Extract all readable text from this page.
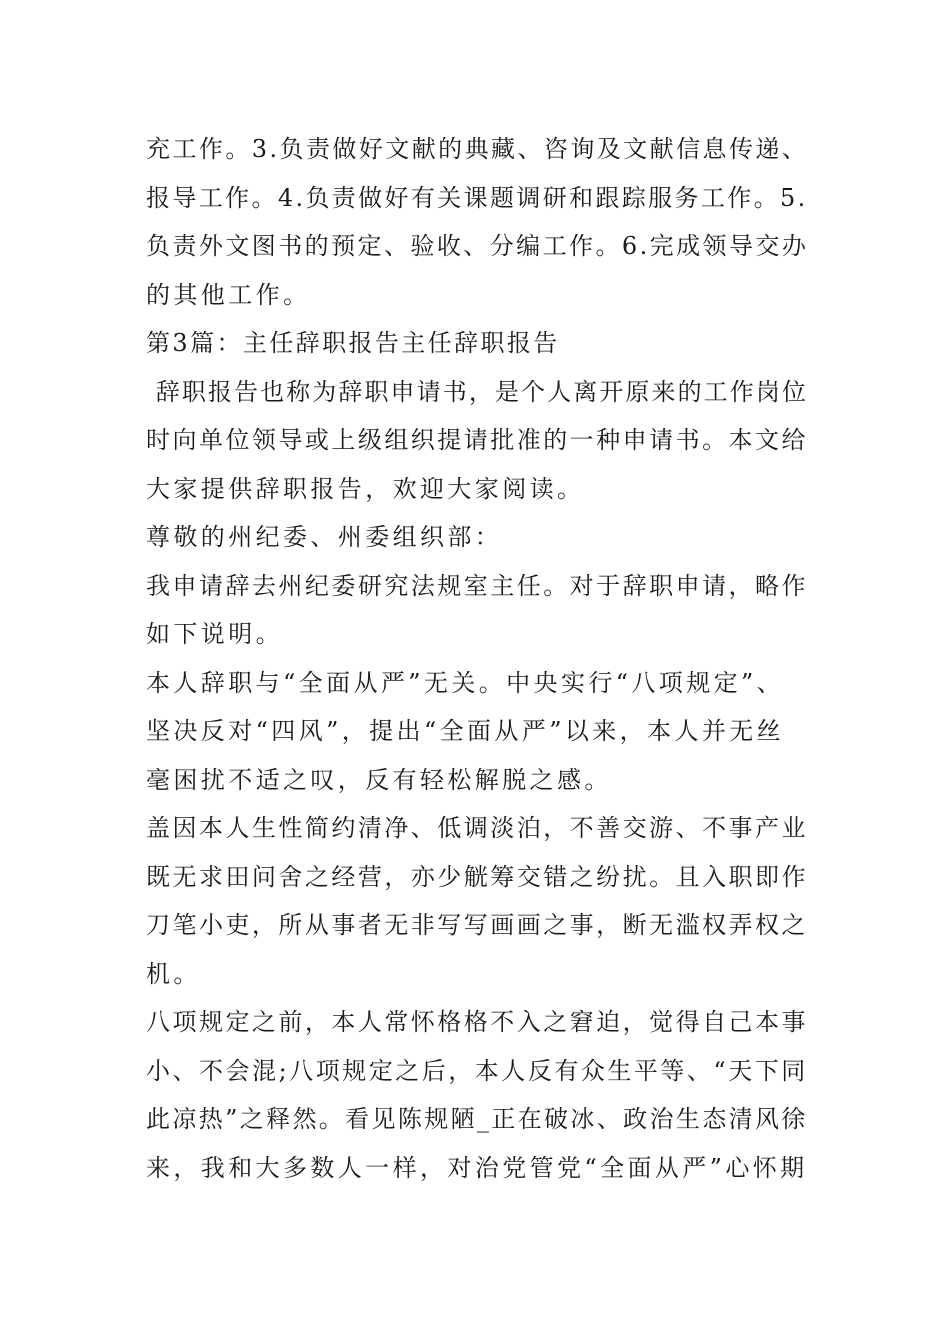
充工作。3.负责做好文献的典藏、咨询及文献信息传递、
报导工作。4.负责做好有关课题调研和跟踪服务工作。5.
负责外文图书的预定、验收、分编工作。6.完成领导交办
的其他工作。
第3篇：主任辞职报告主任辞职报告
辞职报告也称为辞职申请书，是个人离开原来的工作岗位
时向单位领导或上级组织提请批准的一种申请书。本文给
大家提供辞职报告，欢迎大家阅读。
尊敬的州纪委、州委组织部：
我申请辞去州纪委研究法规室主任。对于辞职申请，略作
如下说明。
本人辞职与“全面从严”无关。中央实行“八项规定”、
坚决反对“四风”，提出“全面从严”以来，本人并无丝
毫困扰不适之叹，反有轻松解脱之感。
盖因本人生性简约清净、低调淡泊，不善交游、不事产业
既无求田问舍之经营，亦少觥筹交错之纷扰。且入职即作
刀笔小吏，所从事者无非写写画画之事，断无滥权弄权之
机。
八项规定之前，本人常怀格格不入之窘迫，觉得自己本事
小、不会混;八项规定之后，本人反有众生平等、“天下同
此凉热”之释然。看见陈规陋_正在破冰、政治生态清风徐
来，我和大多数人一样，对治党管党“全面从严”心怀期
